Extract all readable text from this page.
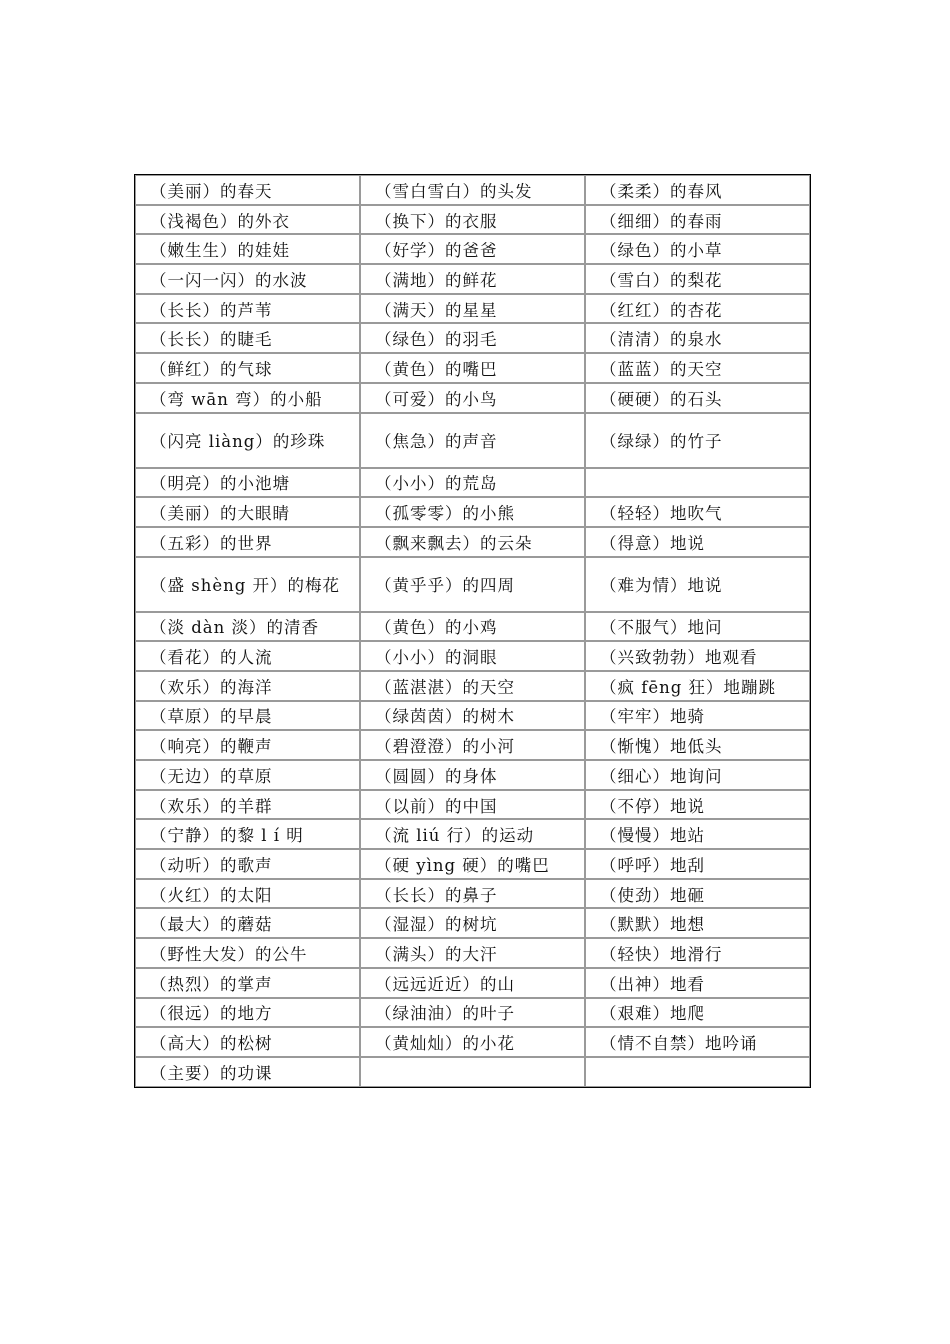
（美丽）的春天	（雪白雪白）的头发	（柔柔）的春风
（浅褐色）的外衣	（换下）的衣服	（细细）的春雨
（嫩生生）的娃娃	（好学）的爸爸	（绿色）的小草
（一闪一闪）的水波	（满地）的鲜花	（雪白）的梨花
（长长）的芦苇	（满天）的星星	（红红）的杏花
（长长）的睫毛	（绿色）的羽毛	（清清）的泉水
（鲜红）的气球	（黄色）的嘴巴	（蓝蓝）的天空
（弯 wān 弯）的小船	（可爱）的小鸟	（硬硬）的石头
（闪亮 liàng）的珍珠	（焦急）的声音	（绿绿）的竹子
（明亮）的小池塘	（小小）的荒岛	
（美丽）的大眼睛	（孤零零）的小熊	（轻轻）地吹气
（五彩）的世界	（飘来飘去）的云朵	（得意）地说
（盛 shèng 开）的梅花	（黄乎乎）的四周	（难为情）地说
（淡 dàn 淡）的清香	（黄色）的小鸡	（不服气）地问
（看花）的人流	（小小）的洞眼	（兴致勃勃）地观看
（欢乐）的海洋	（蓝湛湛）的天空	（疯 fēng 狂）地蹦跳
（草原）的早晨	（绿茵茵）的树木	（牢牢）地骑
（响亮）的鞭声	（碧澄澄）的小河	（惭愧）地低头
（无边）的草原	（圆圆）的身体	（细心）地询问
（欢乐）的羊群	（以前）的中国	（不停）地说
（宁静）的黎 l í 明	（流 liú 行）的运动	（慢慢）地站
（动听）的歌声	（硬 yìng 硬）的嘴巴	（呼呼）地刮
（火红）的太阳	（长长）的鼻子	（使劲）地砸
（最大）的蘑菇	（湿湿）的树坑	（默默）地想
（野性大发）的公牛	（满头）的大汗	（轻快）地滑行
（热烈）的掌声	（远远近近）的山	（出神）地看
（很远）的地方	（绿油油）的叶子	（艰难）地爬
（高大）的松树	（黄灿灿）的小花	（情不自禁）地吟诵
（主要）的功课		
